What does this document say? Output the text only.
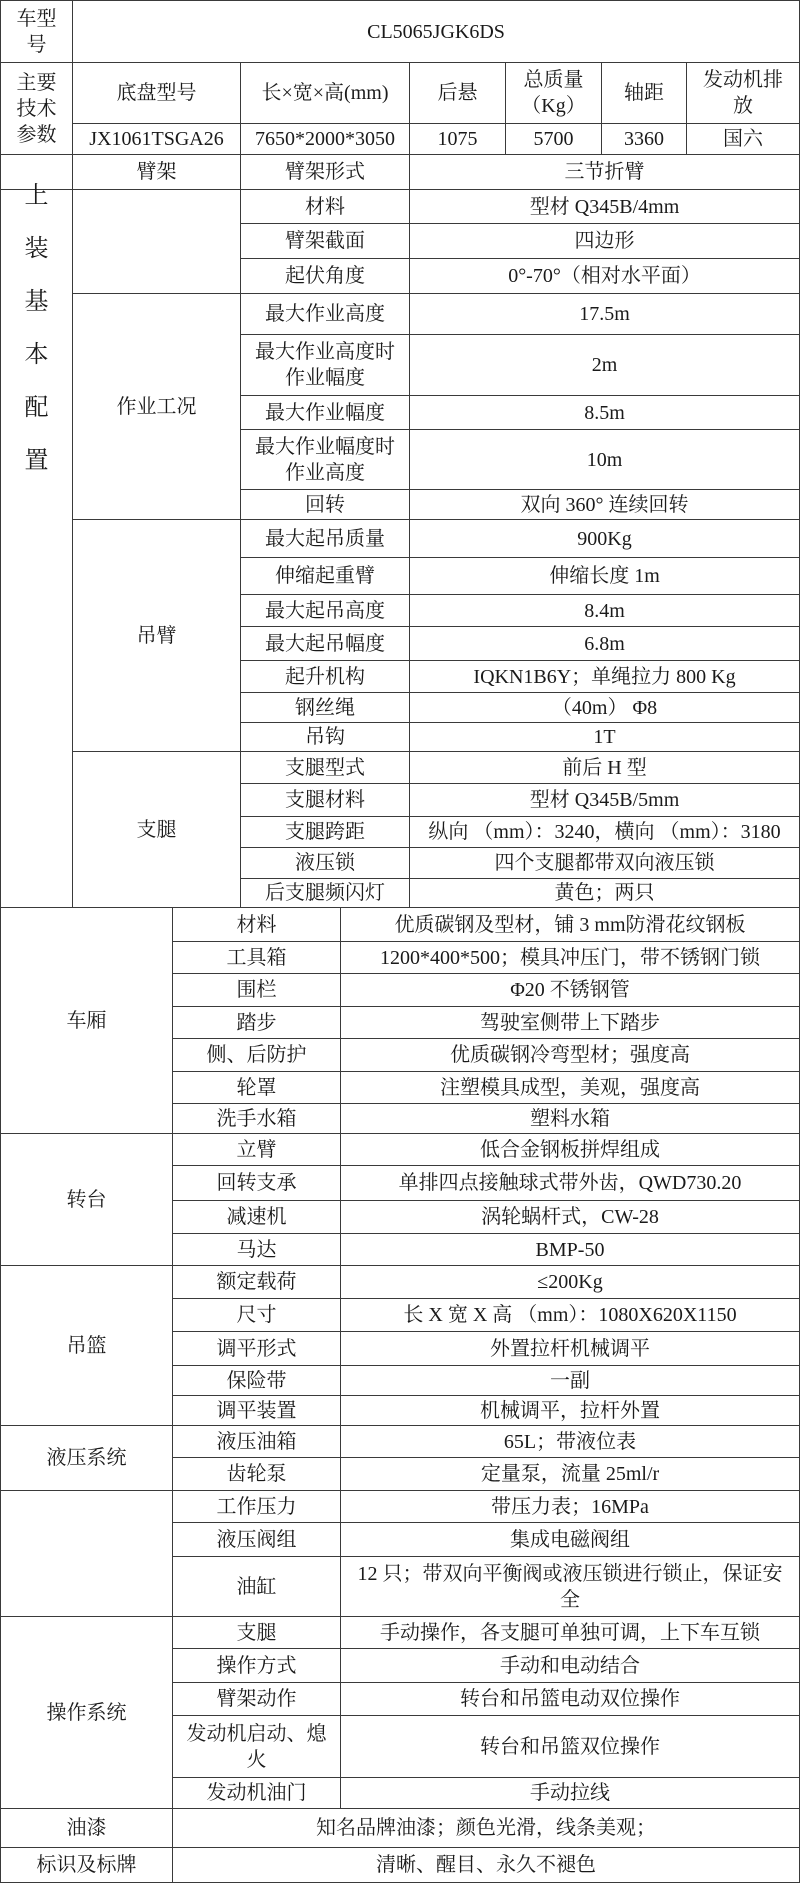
车型号	CL5065JGK6DS					
主要技术参数	底盘型号	长×宽×高(mm)	后悬	总质量（Kg）	轴距	发动机排放
	JX1061TSGA26	7650*2000*3050	1075	5700	3360	国六
	臂架	臂架形式	三节折臂			
上装基本配置		材料	型材 Q345B/4mm			
		臂架截面	四边形			
		起伏角度	0°-70°（相对水平面）			
	作业工况	最大作业高度	17.5m			
		最大作业高度时作业幅度	2m			
		最大作业幅度	8.5m			
		最大作业幅度时作业高度	10m			
		回转	双向 360° 连续回转			
	吊臂	最大起吊质量	900Kg			
		伸缩起重臂	伸缩长度 1m			
		最大起吊高度	8.4m			
		最大起吊幅度	6.8m			
		起升机构	IQKN1B6Y；单绳拉力 800 Kg			
		钢丝绳	（40m） Φ8			
		吊钩	1T			
	支腿	支腿型式	前后 H 型			
		支腿材料	型材 Q345B/5mm			
		支腿跨距	纵向 （mm）：3240，横向 （mm）：3180			
		液压锁	四个支腿都带双向液压锁			
		后支腿频闪灯	黄色；两只			
车厢	材料	优质碳钢及型材，铺 3 mm防滑花纹钢板
	工具箱	1200*400*500；模具冲压门，带不锈钢门锁
	围栏	Φ20 不锈钢管
	踏步	驾驶室侧带上下踏步
	侧、后防护	优质碳钢冷弯型材；强度高
	轮罩	注塑模具成型，美观，强度高
	洗手水箱	塑料水箱
转台	立臂	低合金钢板拼焊组成
	回转支承	单排四点接触球式带外齿，QWD730.20
	减速机	涡轮蜗杆式，CW-28
	马达	BMP-50
吊篮	额定载荷	≤200Kg
	尺寸	长 X 宽 X 高 （mm）：1080X620X1150
	调平形式	外置拉杆机械调平
	保险带	一副
	调平装置	机械调平，拉杆外置
液压系统	液压油箱	65L；带液位表
	齿轮泵	定量泵，流量 25ml/r
	工作压力	带压力表；16MPa
	液压阀组	集成电磁阀组
	油缸	12 只；带双向平衡阀或液压锁进行锁止，保证安全
操作系统	支腿	手动操作，各支腿可单独可调，上下车互锁
	操作方式	手动和电动结合
	臂架动作	转台和吊篮电动双位操作
	发动机启动、熄火	转台和吊篮双位操作
	发动机油门	手动拉线
油漆	知名品牌油漆；颜色光滑，线条美观；	
标识及标牌	清晰、醒目、永久不褪色	
